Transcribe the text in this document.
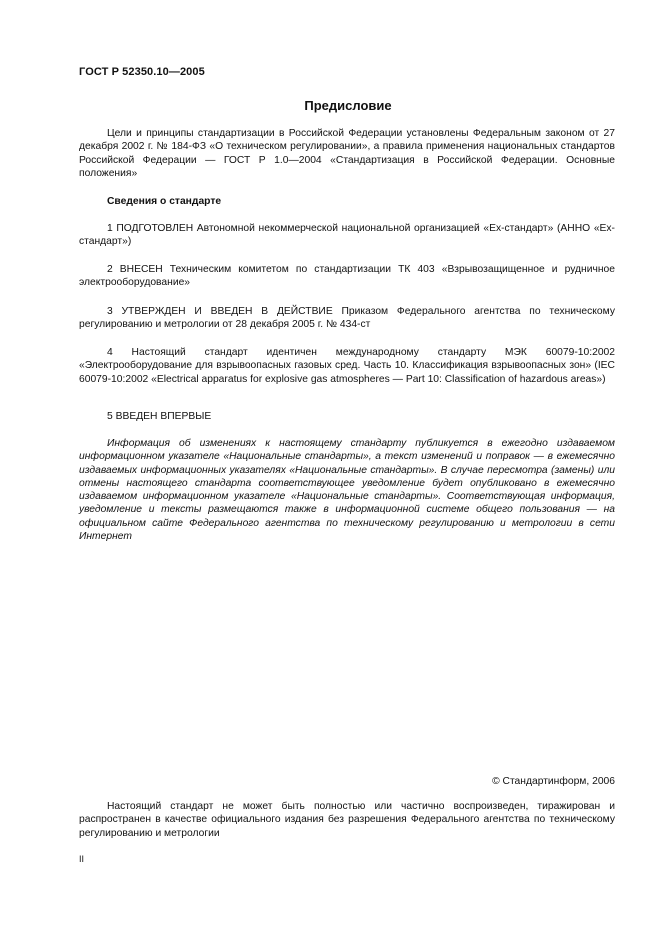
ГОСТ Р 52350.10—2005
Предисловие
Цели и принципы стандартизации в Российской Федерации установлены Федеральным законом от 27 декабря 2002 г. № 184-ФЗ «О техническом регулировании», а правила применения национальных стандартов Российской Федерации — ГОСТ Р 1.0—2004 «Стандартизация в Российской Федерации. Основные положения»
Сведения о стандарте
1 ПОДГОТОВЛЕН Автономной некоммерческой национальной организацией «Ех-стандарт» (АННО «Ех-стандарт»)
2 ВНЕСЕН Техническим комитетом по стандартизации ТК 403 «Взрывозащищенное и рудничное электрооборудование»
3 УТВЕРЖДЕН И ВВЕДЕН В ДЕЙСТВИЕ Приказом Федерального агентства по техническому регулированию и метрологии от 28 декабря 2005 г. № 434-ст
4 Настоящий стандарт идентичен международному стандарту МЭК 60079-10:2002 «Электрооборудование для взрывоопасных газовых сред. Часть 10. Классификация взрывоопасных зон» (IEC 60079-10:2002 «Electrical apparatus for explosive gas atmospheres — Part 10: Classification of hazardous areas»)
5 ВВЕДЕН ВПЕРВЫЕ
Информация об изменениях к настоящему стандарту публикуется в ежегодно издаваемом информационном указателе «Национальные стандарты», а текст изменений и поправок — в ежемесячно издаваемых информационных указателях «Национальные стандарты». В случае пересмотра (замены) или отмены настоящего стандарта соответствующее уведомление будет опубликовано в ежемесячно издаваемом информационном указателе «Национальные стандарты». Соответствующая информация, уведомление и тексты размещаются также в информационной системе общего пользования — на официальном сайте Федерального агентства по техническому регулированию и метрологии в сети Интернет
© Стандартинформ, 2006
Настоящий стандарт не может быть полностью или частично воспроизведен, тиражирован и распространен в качестве официального издания без разрешения Федерального агентства по техническому регулированию и метрологии
II
